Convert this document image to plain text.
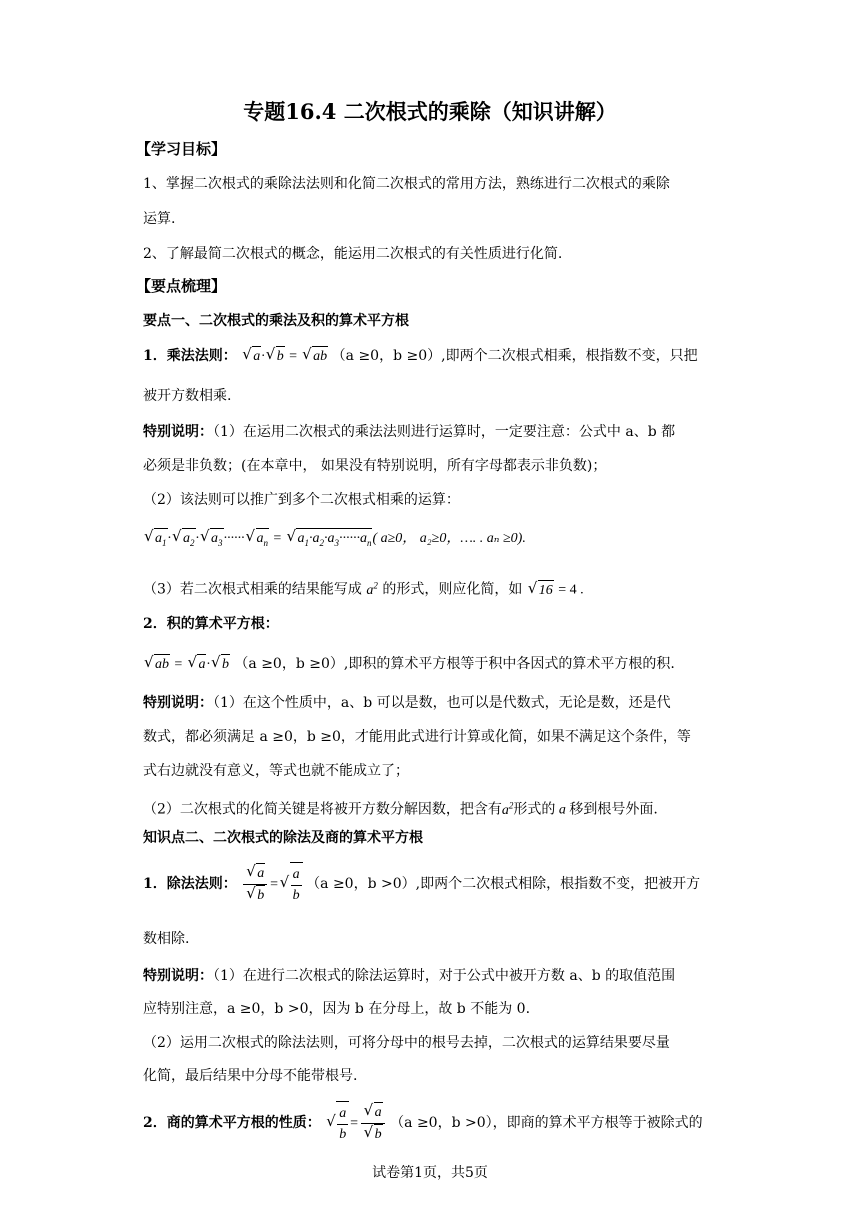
专题16.4 二次根式的乘除（知识讲解）
【学习目标】
1、掌握二次根式的乘除法法则和化简二次根式的常用方法，熟练进行二次根式的乘除
运算.
2、了解最简二次根式的概念，能运用二次根式的有关性质进行化简.
【要点梳理】
要点一、二次根式的乘法及积的算术平方根
1．乘法法则： √ a·√ b = √ ab （a ≥0，b ≥0）,即两个二次根式相乘，根指数不变，只把
被开方数相乘.
特别说明：（1）在运用二次根式的乘法法则进行运算时，一定要注意：公式中 a、b 都
必须是非负数；(在本章中， 如果没有特别说明，所有字母都表示非负数)；
（2）该法则可以推广到多个二次根式相乘的运算：
√ $a_1\cdot√$ $a_2\cdot√$ $a_3\cdot\cdot\cdot\cdot\cdot\cdot√$ $a_n$ = √ $a_1\cdot a_2\cdot a_3\cdot\cdot\cdot\cdot\cdot\cdot a_n$( a≥0， a₂≥0，…. . aₙ ≥0).
（3）若二次根式相乘的结果能写成 $a^2$ 的形式，则应化简，如 √ 16 = 4 .
2．积的算术平方根：
√ ab = √ a·√ b （a ≥0，b ≥0）,即积的算术平方根等于积中各因式的算术平方根的积.
特别说明：（1）在这个性质中，a、b 可以是数，也可以是代数式，无论是数，还是代
数式，都必须满足 a ≥0，b ≥0，才能用此式进行计算或化简，如果不满足这个条件，等
式右边就没有意义，等式也就不能成立了；
（2）二次根式的化简关键是将被开方数分解因数，把含有$a^2$形式的 a 移到根号外面.
知识点二、二次根式的除法及商的算术平方根
1．除法法则：
√ a
√ b =
√ $\frac{a}{b} (a \ge 0$，b >0）,即两个二次根式相除，根指数不变，把被开方
数相除.
特别说明：（1）在进行二次根式的除法运算时，对于公式中被开方数 a、b 的取值范围
应特别注意，a ≥0，b >0，因为 b 在分母上，故 b 不能为 0.
（2）运用二次根式的除法法则，可将分母中的根号去掉，二次根式的运算结果要尽量
化简，最后结果中分母不能带根号.
2．商的算术平方根的性质：
√ $\frac{a}{b}$ =
√ a
√ b （a ≥0，b >0），即商的算术平方根等于被除式的
试卷第1页，共5页
